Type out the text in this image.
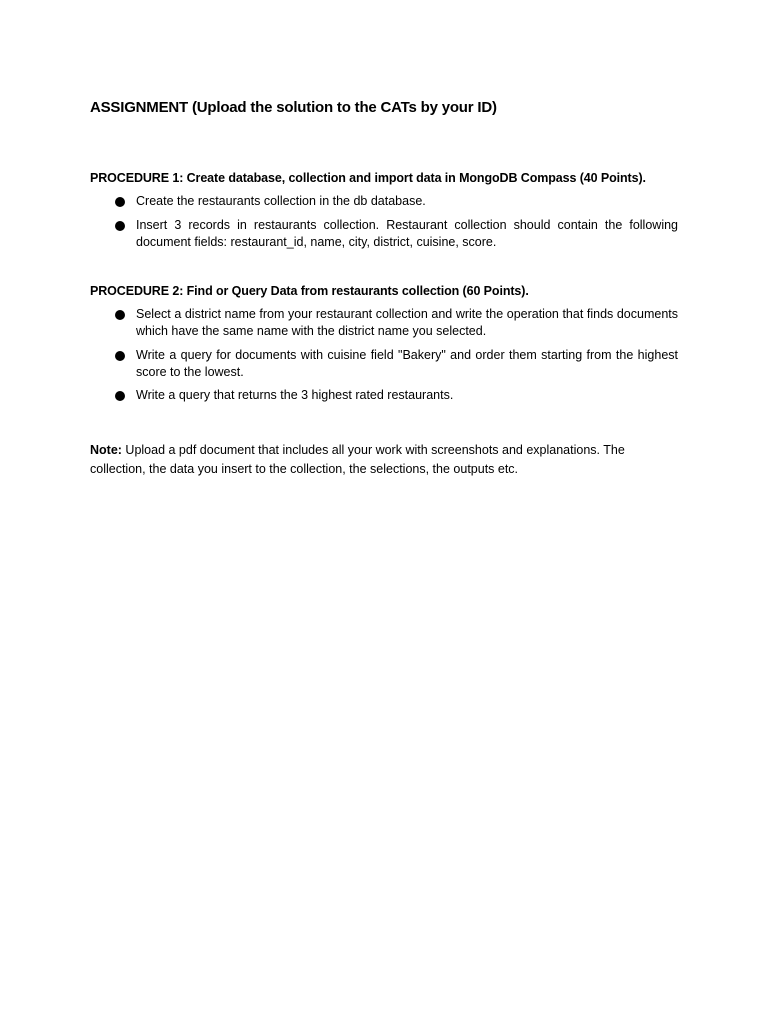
ASSIGNMENT (Upload the solution to the CATs by your ID)

PROCEDURE 1: Create database, collection and import data in MongoDB Compass (40 Points).

Create the restaurants collection in the db database.
Insert 3 records in restaurants collection. Restaurant collection should contain the following document fields: restaurant_id, name, city, district, cuisine, score.

PROCEDURE 2: Find or Query Data from restaurants collection (60 Points).

Select a district name from your restaurant collection and write the operation that finds documents which have the same name with the district name you selected.
Write a query for documents with cuisine field "Bakery" and order them starting from the highest score to the lowest.
Write a query that returns the 3 highest rated restaurants.

Note: Upload a pdf document that includes all your work with screenshots and explanations. The collection, the data you insert to the collection, the selections, the outputs etc.
